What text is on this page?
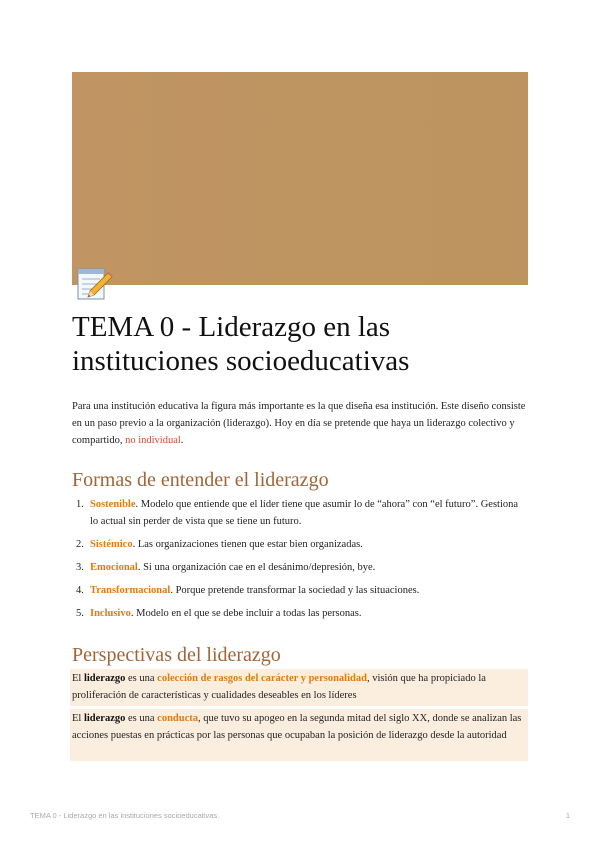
TEMA 0 - Liderazgo en las instituciones socioeducativas

Para una institución educativa la figura más importante es la que diseña esa institución. Este diseño consiste en un paso previo a la organización (liderazgo). Hoy en día se pretende que haya un liderazgo colectivo y compartido, no individual.

Formas de entender el liderazgo
1. Sostenible. Modelo que entiende que el líder tiene que asumir lo de “ahora” con “el futuro”. Gestiona lo actual sin perder de vista que se tiene un futuro.
2. Sistémico. Las organizaciones tienen que estar bien organizadas.
3. Emocional. Si una organización cae en el desánimo/depresión, bye.
4. Transformacional. Porque pretende transformar la sociedad y las situaciones.
5. Inclusivo. Modelo en el que se debe incluir a todas las personas.
Perspectivas del liderazgo
El liderazgo es una colección de rasgos del carácter y personalidad, visión que ha propiciado la proliferación de características y cualidades deseables en los líderes
El liderazgo es una conducta, que tuvo su apogeo en la segunda mitad del siglo XX, donde se analizan las acciones puestas en prácticas por las personas que ocupaban la posición de liderazgo desde la autoridad
TEMA 0 - Liderazgo en las instituciones socioeducativas.	1
